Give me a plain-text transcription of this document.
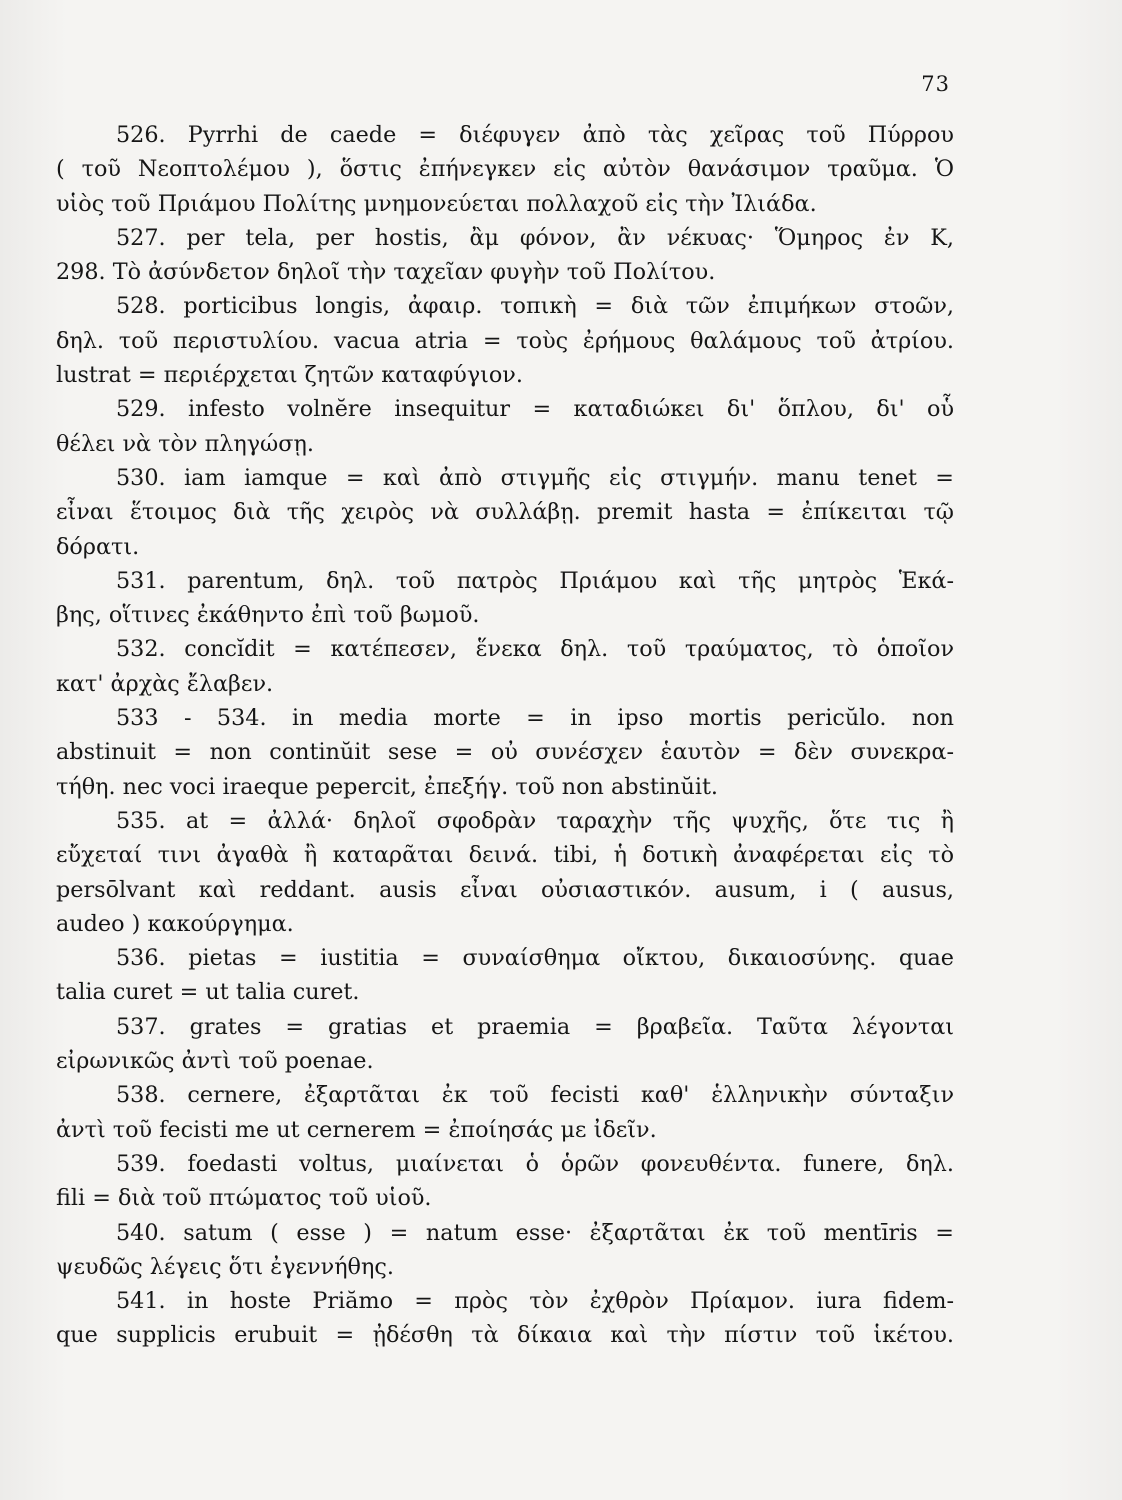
73
526. Pyrrhi de caede = διέφυγεν ἀπὸ τὰς χεῖρας τοῦ Πύρρου
( τοῦ Νεοπτολέμου ), ὅστις ἐπήνεγκεν εἰς αὐτὸν θανάσιμον τραῦμα. Ὁ
υἱὸς τοῦ Πριάμου Πολίτης μνημονεύεται πολλαχοῦ εἰς τὴν Ἰλιάδα.
527. per tela, per hostis, ἂμ φόνον, ἂν νέκυας· Ὅμηρος ἐν Κ,
298. Τὸ ἀσύνδετον δηλοῖ τὴν ταχεῖαν φυγὴν τοῦ Πολίτου.
528. porticibus longis, ἀφαιρ. τοπικὴ = διὰ τῶν ἐπιμήκων στοῶν,
δηλ. τοῦ περιστυλίου. vacua atria = τοὺς ἐρήμους θαλάμους τοῦ ἀτρίου.
lustrat = περιέρχεται ζητῶν καταφύγιον.
529. infesto volnĕre insequitur = καταδιώκει δι' ὅπλου, δι' οὗ
θέλει νὰ τὸν πληγώσῃ.
530. iam iamque = καὶ ἀπὸ στιγμῆς εἰς στιγμήν. manu tenet =
εἶναι ἕτοιμος διὰ τῆς χειρὸς νὰ συλλάβῃ. premit hasta = ἐπίκειται τῷ
δόρατι.
531. parentum, δηλ. τοῦ πατρὸς Πριάμου καὶ τῆς μητρὸς Ἑκά-
βης, οἵτινες ἐκάθηντο ἐπὶ τοῦ βωμοῦ.
532. concĭdit = κατέπεσεν, ἕνεκα δηλ. τοῦ τραύματος, τὸ ὁποῖον
κατ' ἀρχὰς ἔλαβεν.
533 - 534. in media morte = in ipso mortis pericŭlo. non
abstinuit = non continŭit sese = οὐ συνέσχεν ἑαυτὸν = δὲν συνεκρα-
τήθη. nec voci iraeque pepercit, ἐπεξήγ. τοῦ non abstinŭit.
535. at = ἀλλά· δηλοῖ σφοδρὰν ταραχὴν τῆς ψυχῆς, ὅτε τις ἢ
εὔχεταί τινι ἀγαθὰ ἢ καταρᾶται δεινά. tibi, ἡ δοτικὴ ἀναφέρεται εἰς τὸ
persōlvant καὶ reddant. ausis εἶναι οὐσιαστικόν. ausum, i ( ausus,
audeo ) κακούργημα.
536. pietas = iustitia = συναίσθημα οἴκτου, δικαιοσύνης. quae
talia curet = ut talia curet.
537. grates = gratias et praemia = βραβεῖα. Ταῦτα λέγονται
εἰρωνικῶς ἀντὶ τοῦ poenae.
538. cernere, ἐξαρτᾶται ἐκ τοῦ fecisti καθ' ἑλληνικὴν σύνταξιν
ἀντὶ τοῦ fecisti me ut cernerem = ἐποίησάς με ἰδεῖν.
539. foedasti voltus, μιαίνεται ὁ ὁρῶν φονευθέντα. funere, δηλ.
fili = διὰ τοῦ πτώματος τοῦ υἱοῦ.
540. satum ( esse ) = natum esse· ἐξαρτᾶται ἐκ τοῦ mentīris =
ψευδῶς λέγεις ὅτι ἐγεννήθης.
541. in hoste Priămo = πρὸς τὸν ἐχθρὸν Πρίαμον. iura fidem-
que supplicis erubuit = ᾐδέσθη τὰ δίκαια καὶ τὴν πίστιν τοῦ ἱκέτου.
